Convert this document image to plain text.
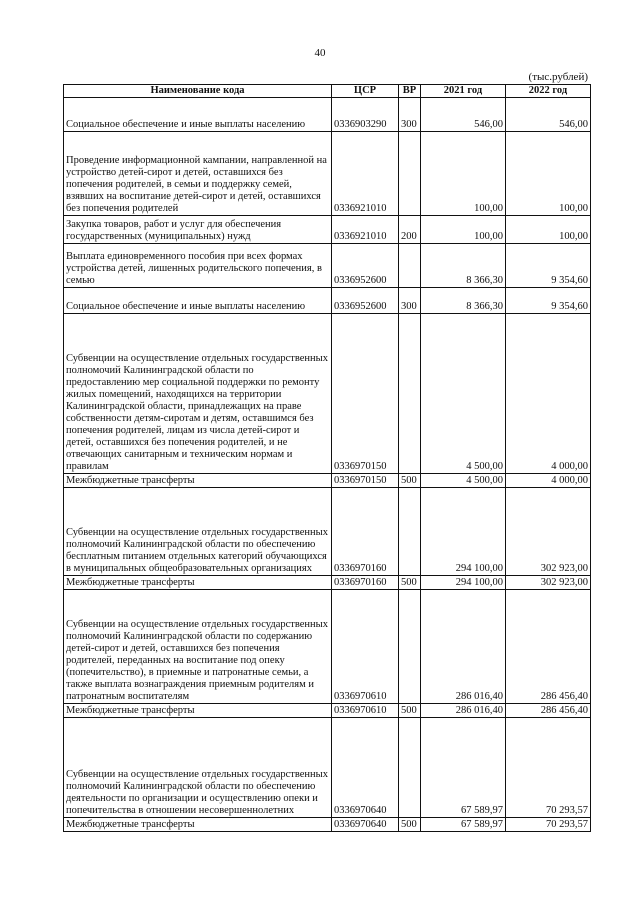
40
(тыс.рублей)
Наименование кода	ЦСР	ВР	2021 год	2022 год
Социальное обеспечение и иные выплаты населению	0336903290	300	546,00	546,00
Проведение информационной кампании, направленной на устройство детей-сирот и детей, оставшихся без попечения родителей, в семьи и поддержку семей, взявших на воспитание детей-сирот и детей, оставшихся без попечения родителей	0336921010		100,00	100,00
Закупка товаров, работ и услуг для обеспечения государственных (муниципальных) нужд	0336921010	200	100,00	100,00
Выплата единовременного пособия при всех формах устройства детей, лишенных родительского попечения, в семью	0336952600		8 366,30	9 354,60
Социальное обеспечение и иные выплаты населению	0336952600	300	8 366,30	9 354,60
Субвенции на осуществление отдельных государственных полномочий Калининградской области по предоставлению мер социальной поддержки по ремонту жилых помещений, находящихся на территории Калининградской области, принадлежащих на праве собственности детям-сиротам и детям, оставшимся без попечения родителей, лицам из числа детей-сирот и детей, оставшихся без попечения родителей, и не отвечающих санитарным и техническим нормам и правилам	0336970150		4 500,00	4 000,00
Межбюджетные трансферты	0336970150	500	4 500,00	4 000,00
Субвенции на осуществление отдельных государственных полномочий Калининградской области по обеспечению бесплатным питанием отдельных категорий обучающихся в муниципальных общеобразовательных организациях	0336970160		294 100,00	302 923,00
Межбюджетные трансферты	0336970160	500	294 100,00	302 923,00
Субвенции на осуществление отдельных государственных полномочий Калининградской области по содержанию детей-сирот и детей, оставшихся без попечения родителей, переданных на воспитание под опеку (попечительство), в приемные и патронатные семьи, а также выплата вознаграждения приемным родителям и патронатным воспитателям	0336970610		286 016,40	286 456,40
Межбюджетные трансферты	0336970610	500	286 016,40	286 456,40
Субвенции на осуществление отдельных государственных полномочий Калининградской области по обеспечению деятельности по организации и осуществлению опеки и попечительства в отношении несовершеннолетних	0336970640		67 589,97	70 293,57
Межбюджетные трансферты	0336970640	500	67 589,97	70 293,57
